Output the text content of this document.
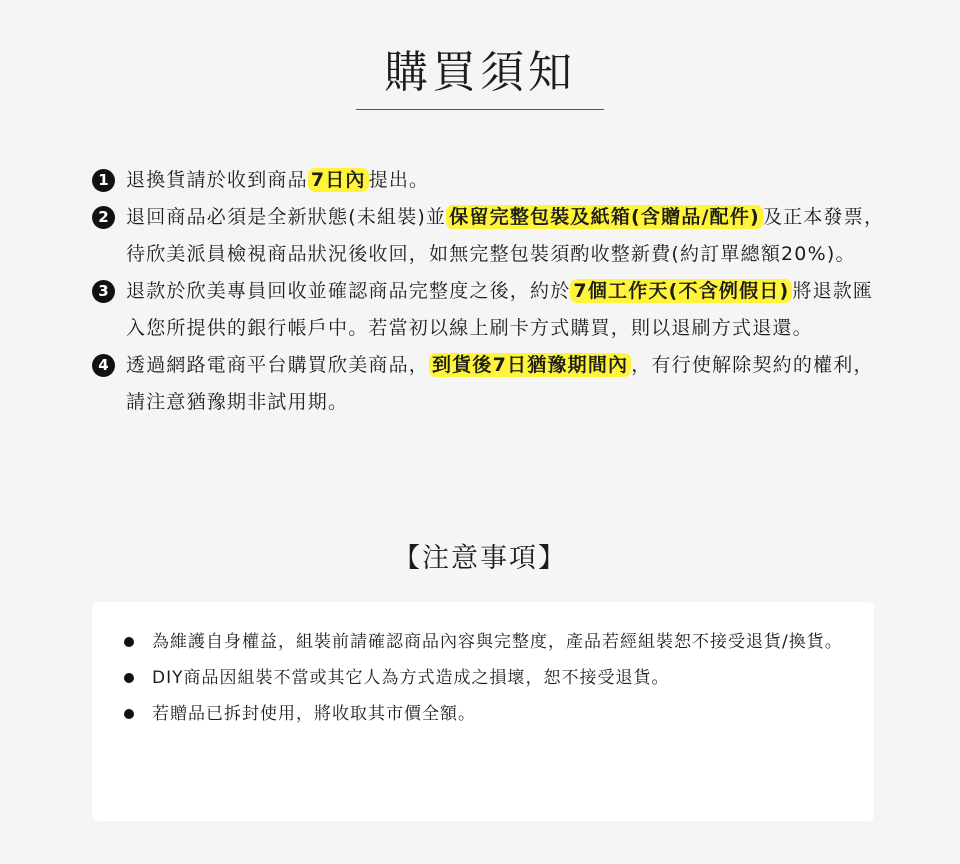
購買須知
1 退換貨請於收到商品 7日內 提出。
2 退回商品必須是全新狀態(未組裝)並 保留完整包裝及紙箱(含贈品/配件) 及正本發票，待欣美派員檢視商品狀況後收回，如無完整包裝須酌收整新費(約訂單總額20%)。
3 退款於欣美專員回收並確認商品完整度之後，約於 7個工作天(不含例假日) 將退款匯入您所提供的銀行帳戶中。若當初以線上刷卡方式購買，則以退刷方式退還。
4 透過網路電商平台購買欣美商品， 到貨後7日猶豫期間內 ，有行使解除契約的權利，請注意猶豫期非試用期。
【注意事項】
為維護自身權益，組裝前請確認商品內容與完整度，產品若經組裝恕不接受退貨/換貨。
DIY商品因組裝不當或其它人為方式造成之損壞，恕不接受退貨。
若贈品已拆封使用，將收取其市價全額。
